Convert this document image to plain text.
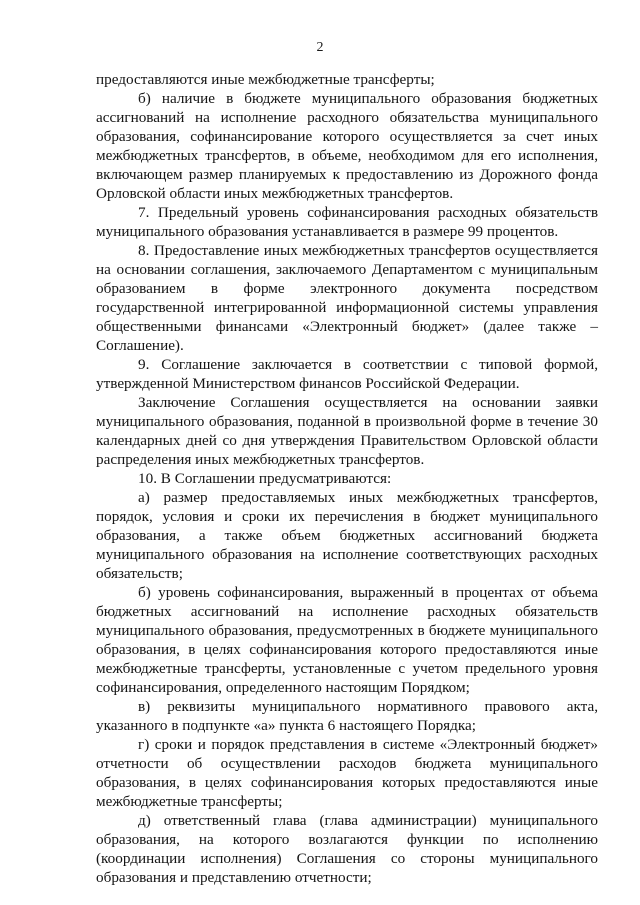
2

предоставляются иные межбюджетные трансферты;

б) наличие в бюджете муниципального образования бюджетных ассигнований на исполнение расходного обязательства муниципального образования, софинансирование которого осуществляется за счет иных межбюджетных трансфертов, в объеме, необходимом для его исполнения, включающем размер планируемых к предоставлению из Дорожного фонда Орловской области иных межбюджетных трансфертов.

7. Предельный уровень софинансирования расходных обязательств муниципального образования устанавливается в размере 99 процентов.

8. Предоставление иных межбюджетных трансфертов осуществляется на основании соглашения, заключаемого Департаментом с муниципальным образованием в форме электронного документа посредством государственной интегрированной информационной системы управления общественными финансами «Электронный бюджет» (далее также – Соглашение).

9. Соглашение заключается в соответствии с типовой формой, утвержденной Министерством финансов Российской Федерации.

Заключение Соглашения осуществляется на основании заявки муниципального образования, поданной в произвольной форме в течение 30 календарных дней со дня утверждения Правительством Орловской области распределения иных межбюджетных трансфертов.

10. В Соглашении предусматриваются:

а) размер предоставляемых иных межбюджетных трансфертов, порядок, условия и сроки их перечисления в бюджет муниципального образования, а также объем бюджетных ассигнований бюджета муниципального образования на исполнение соответствующих расходных обязательств;

б) уровень софинансирования, выраженный в процентах от объема бюджетных ассигнований на исполнение расходных обязательств муниципального образования, предусмотренных в бюджете муниципального образования, в целях софинансирования которого предоставляются иные межбюджетные трансферты, установленные с учетом предельного уровня софинансирования, определенного настоящим Порядком;

в) реквизиты муниципального нормативного правового акта, указанного в подпункте «а» пункта 6 настоящего Порядка;

г) сроки и порядок представления в системе «Электронный бюджет» отчетности об осуществлении расходов бюджета муниципального образования, в целях софинансирования которых предоставляются иные межбюджетные трансферты;

д) ответственный глава (глава администрации) муниципального образования, на которого возлагаются функции по исполнению (координации исполнения) Соглашения со стороны муниципального образования и представлению отчетности;
